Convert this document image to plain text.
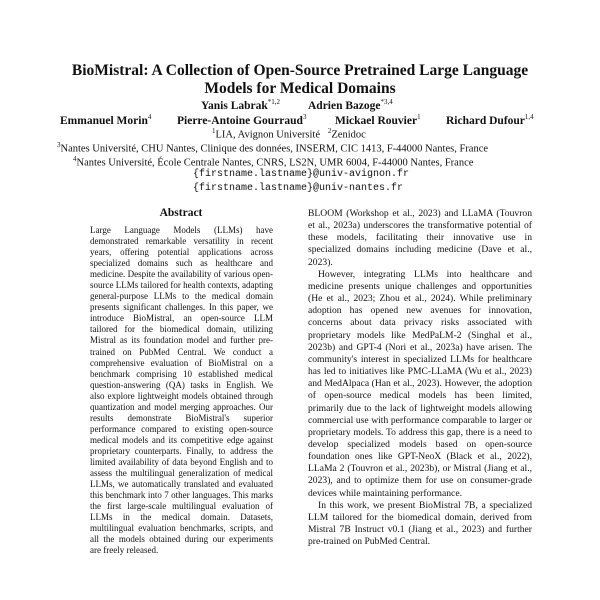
BioMistral: A Collection of Open-Source Pretrained Large Language
Models for Medical Domains
Yanis Labrak$^{*1,2}$ Adrien Bazoge$^{*3,4}$
Emmanuel Morin$^4$ Pierre-Antoine Gourraud$^3$ Mickael Rouvier$^1$ Richard Dufour$^{1,4}$
$^1$LIA, Avignon Université $^2$Zenidoc
$^3$Nantes Université, CHU Nantes, Clinique des données, INSERM, CIC 1413, F-44000 Nantes, France
$^4$Nantes Université, École Centrale Nantes, CNRS, LS2N, UMR 6004, F-44000 Nantes, France
{firstname.lastname}@univ-avignon.fr
{firstname.lastname}@univ-nantes.fr
Abstract
Large Language Models (LLMs) have demonstrated remarkable versatility in recent years, offering potential applications across specialized domains such as healthcare and medicine. Despite the availability of various open-source LLMs tailored for health contexts, adapting general-purpose LLMs to the medical domain presents significant challenges. In this paper, we introduce BioMistral, an open-source LLM tailored for the biomedical domain, utilizing Mistral as its foundation model and further pre-trained on PubMed Central. We conduct a comprehensive evaluation of BioMistral on a benchmark comprising 10 established medical question-answering (QA) tasks in English. We also explore lightweight models obtained through quantization and model merging approaches. Our results demonstrate BioMistral's superior performance compared to existing open-source medical models and its competitive edge against proprietary counterparts. Finally, to address the limited availability of data beyond English and to assess the multilingual generalization of medical LLMs, we automatically translated and evaluated this benchmark into 7 other languages. This marks the first large-scale multilingual evaluation of LLMs in the medical domain. Datasets, multilingual evaluation benchmarks, scripts, and all the models obtained during our experiments are freely released.

BLOOM (Workshop et al., 2023) and LLaMA (Touvron et al., 2023a) underscores the transformative potential of these models, facilitating their innovative use in specialized domains including medicine (Dave et al., 2023).

However, integrating LLMs into healthcare and medicine presents unique challenges and opportunities (He et al., 2023; Zhou et al., 2024). While preliminary adoption has opened new avenues for innovation, concerns about data privacy risks associated with proprietary models like MedPaLM-2 (Singhal et al., 2023b) and GPT-4 (Nori et al., 2023a) have arisen. The community's interest in specialized LLMs for healthcare has led to initiatives like PMC-LLaMA (Wu et al., 2023) and MedAlpaca (Han et al., 2023). However, the adoption of open-source medical models has been limited, primarily due to the lack of lightweight models allowing commercial use with performance comparable to larger or proprietary models. To address this gap, there is a need to develop specialized models based on open-source foundation ones like GPT-NeoX (Black et al., 2022), LLaMa 2 (Touvron et al., 2023b), or Mistral (Jiang et al., 2023), and to optimize them for use on consumer-grade devices while maintaining performance.

In this work, we present BioMistral 7B, a specialized LLM tailored for the biomedical domain, derived from Mistral 7B Instruct v0.1 (Jiang et al., 2023) and further pre-trained on PubMed Central.
